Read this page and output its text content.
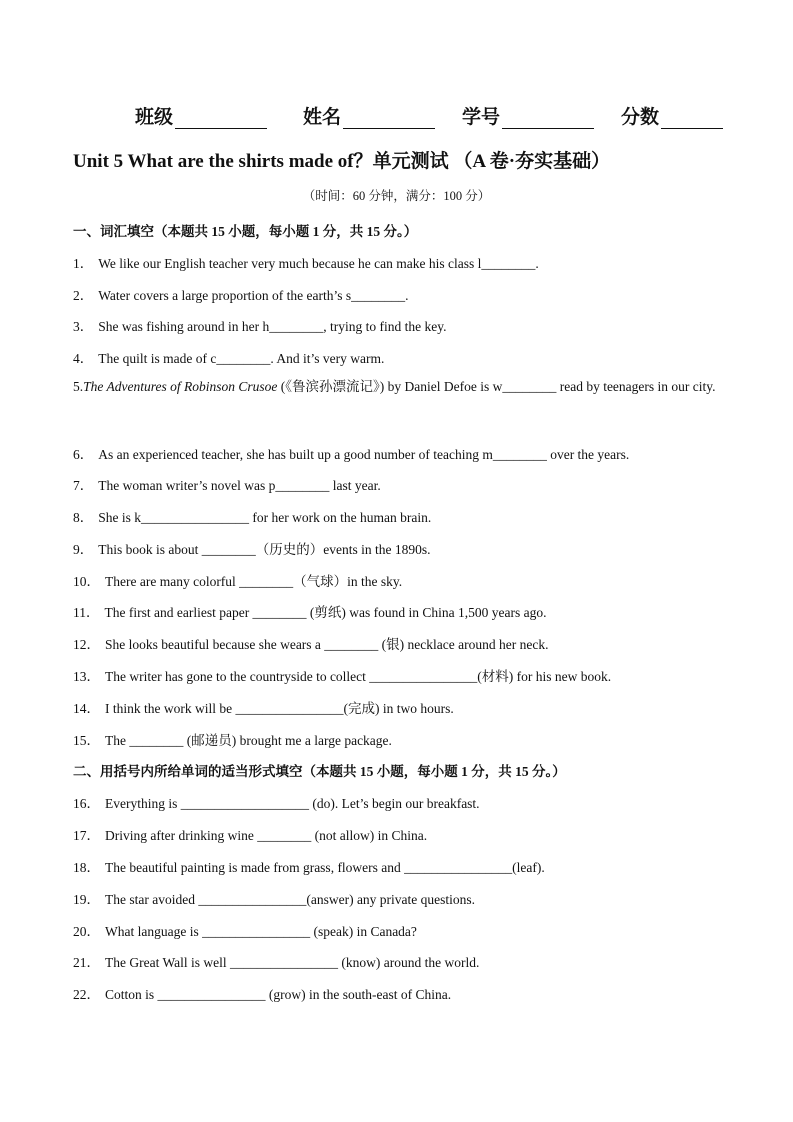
班级	姓名	学号	分数
Unit 5 What are the shirts made of？单元测试 （A 卷·夯实基础）
（时间：60 分钟，满分：100 分）
一、词汇填空（本题共 15 小题，每小题 1 分，共 15 分。）
1． We like our English teacher very much because he can make his class l________.
2． Water covers a large proportion of the earth’s s________.
3． She was fishing around in her h________, trying to find the key.
4． The quilt is made of c________. And it’s very warm.
5.The Adventures of Robinson Crusoe (《鲁滨孙漂流记》) by Daniel Defoe is w________ read by teenagers in our city.
6． As an experienced teacher, she has built up a good number of teaching m________ over the years.
7． The woman writer’s novel was p________ last year.
8． She is k________________ for her work on the human brain.
9． This book is about ________（历史的）events in the 1890s.
10． There are many colorful ________（气球）in the sky.
11． The first and earliest paper ________ (剪纸) was found in China 1,500 years ago.
12． She looks beautiful because she wears a ________ (银) necklace around her neck.
13． The writer has gone to the countryside to collect ________________(材料) for his new book.
14． I think the work will be ________________(完成) in two hours.
15． The ________ (邮递员) brought me a large package.
二、用括号内所给单词的适当形式填空（本题共 15 小题，每小题 1 分，共 15 分。）
16． Everything is ___________________ (do). Let’s begin our breakfast.
17． Driving after drinking wine ________ (not allow) in China.
18． The beautiful painting is made from grass, flowers and ________________(leaf).
19． The star avoided ________________(answer) any private questions.
20． What language is ________________ (speak) in Canada?
21． The Great Wall is well ________________ (know) around the world.
22． Cotton is ________________ (grow) in the south-east of China.
